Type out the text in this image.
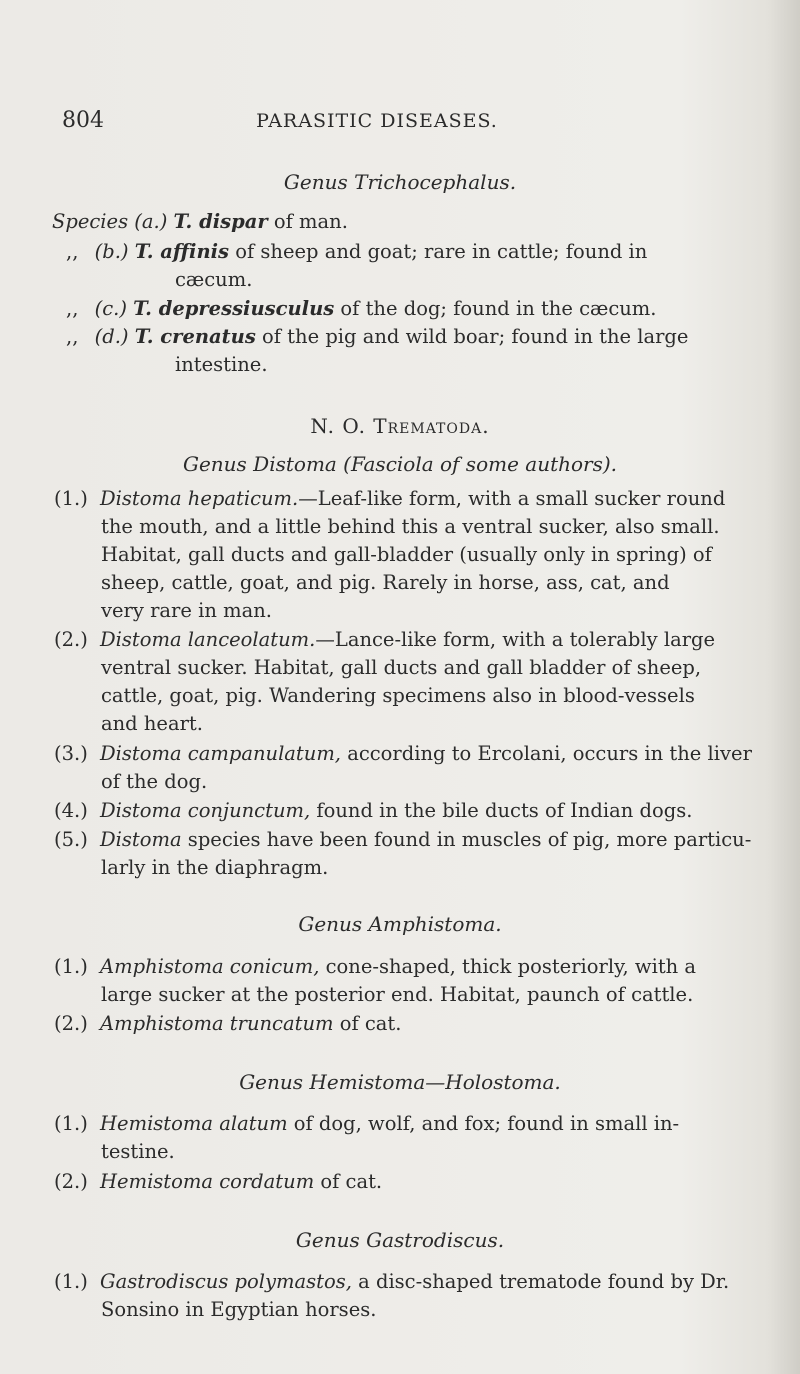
804	PARASITIC DISEASES.
Genus Trichocephalus.
Species (a.) T. dispar of man.
,, (b.) T. affinis of sheep and goat; rare in cattle; found in
cæcum.
,, (c.) T. depressiusculus of the dog; found in the cæcum.
,, (d.) T. crenatus of the pig and wild boar; found in the large
intestine.
N. O. Trematoda.
Genus Distoma (Fasciola of some authors).
(1.) Distoma hepaticum.—Leaf-like form, with a small sucker round
the mouth, and a little behind this a ventral sucker, also small.
Habitat, gall ducts and gall-bladder (usually only in spring) of
sheep, cattle, goat, and pig. Rarely in horse, ass, cat, and
very rare in man.
(2.) Distoma lanceolatum.—Lance-like form, with a tolerably large
ventral sucker. Habitat, gall ducts and gall bladder of sheep,
cattle, goat, pig. Wandering specimens also in blood-vessels
and heart.
(3.) Distoma campanulatum, according to Ercolani, occurs in the liver
of the dog.
(4.) Distoma conjunctum, found in the bile ducts of Indian dogs.
(5.) Distoma species have been found in muscles of pig, more particu-
larly in the diaphragm.
Genus Amphistoma.
(1.) Amphistoma conicum, cone-shaped, thick posteriorly, with a
large sucker at the posterior end. Habitat, paunch of cattle.
(2.) Amphistoma truncatum of cat.
Genus Hemistoma—Holostoma.
(1.) Hemistoma alatum of dog, wolf, and fox; found in small in-
testine.
(2.) Hemistoma cordatum of cat.
Genus Gastrodiscus.
(1.) Gastrodiscus polymastos, a disc-shaped trematode found by Dr.
Sonsino in Egyptian horses.
